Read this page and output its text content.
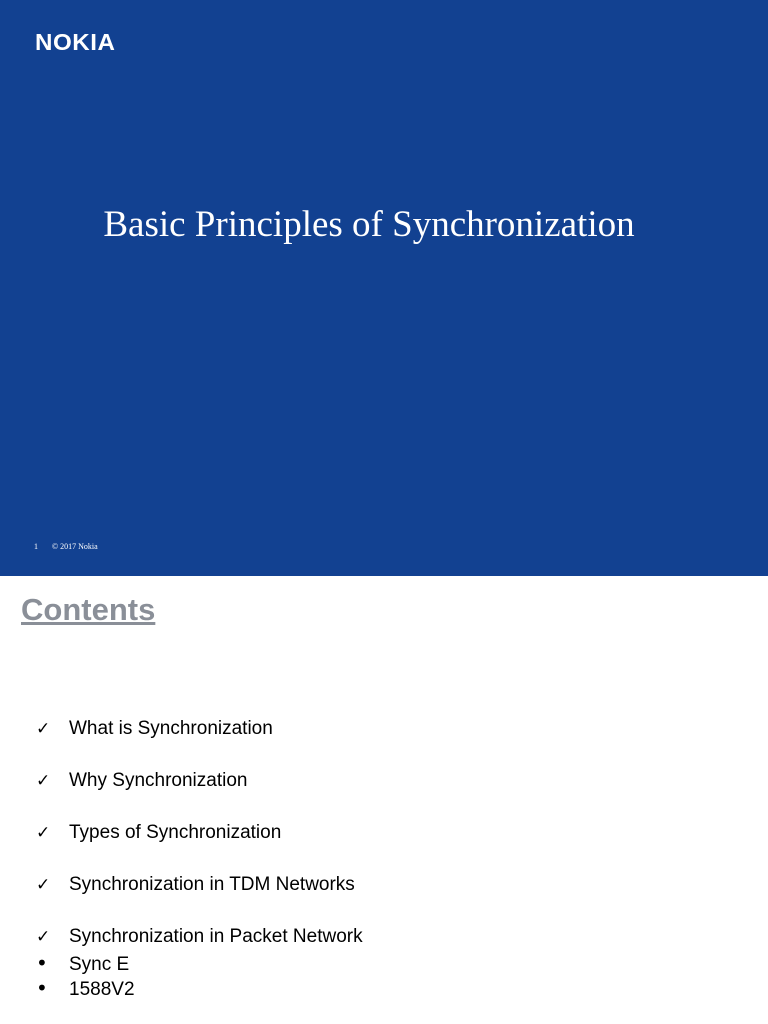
NOKIA
Basic Principles of Synchronization
1 © 2017 Nokia
Contents
✓ What is Synchronization
✓ Why Synchronization
✓ Types of Synchronization
✓ Synchronization in TDM Networks
✓ Synchronization in Packet Network
• Sync E
• 1588V2
